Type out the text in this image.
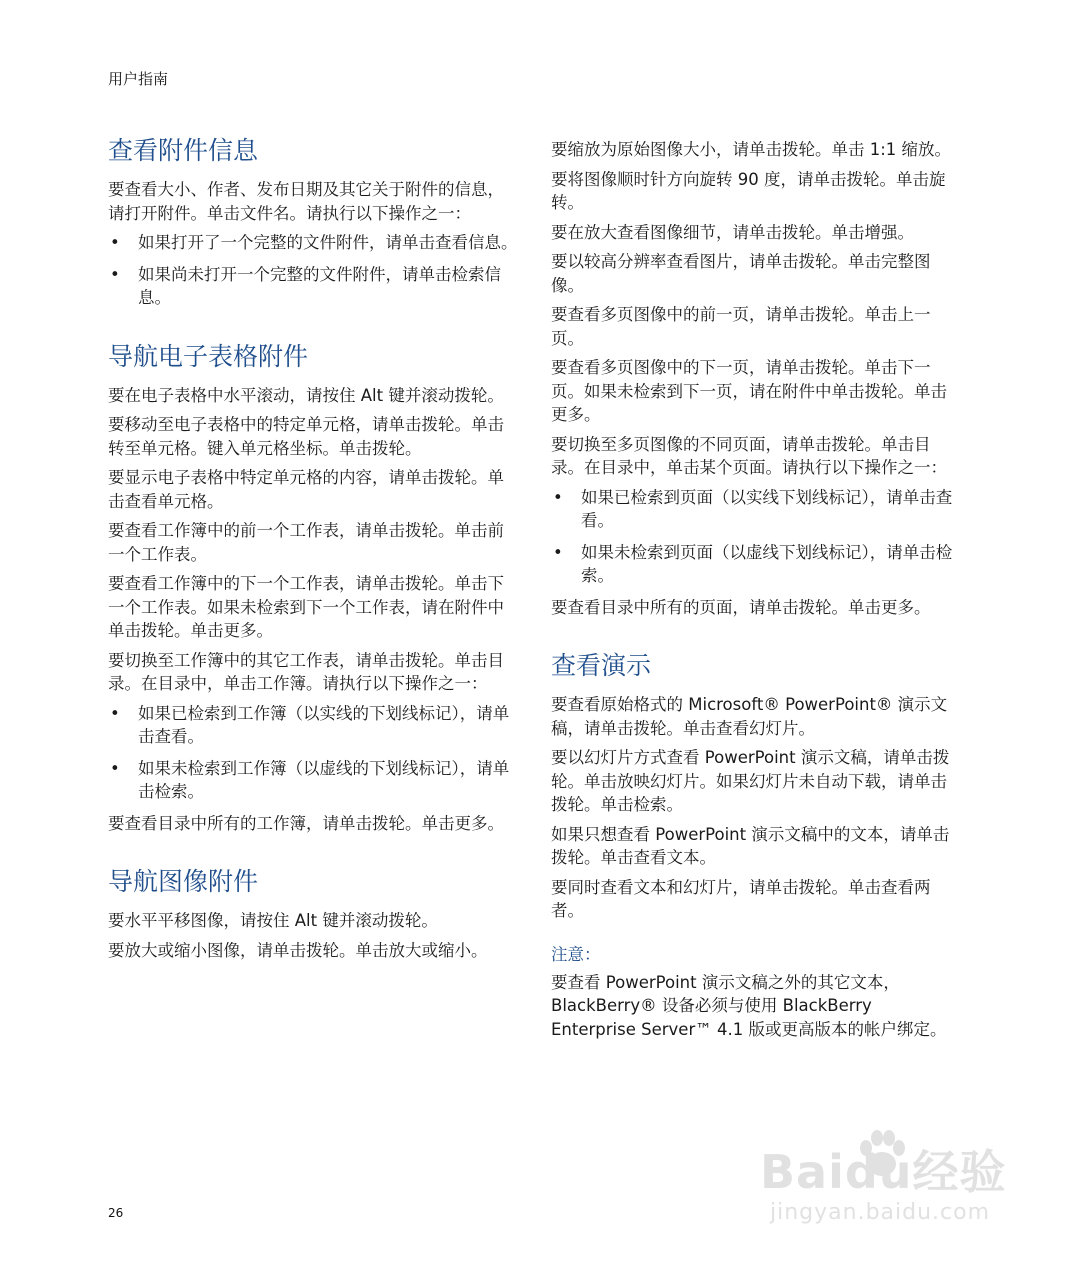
用户指南
查看附件信息

要查看大小、作者、发布日期及其它关于附件的信息，请打开附件。单击文件名。请执行以下操作之一：

• 如果打开了一个完整的文件附件，请单击查看信息。
• 如果尚未打开一个完整的文件附件，请单击检索信息。
导航电子表格附件

要在电子表格中水平滚动，请按住 Alt 键并滚动拨轮。

要移动至电子表格中的特定单元格，请单击拨轮。单击转至单元格。键入单元格坐标。单击拨轮。

要显示电子表格中特定单元格的内容，请单击拨轮。单击查看单元格。

要查看工作簿中的前一个工作表，请单击拨轮。单击前一个工作表。

要查看工作簿中的下一个工作表，请单击拨轮。单击下一个工作表。如果未检索到下一个工作表，请在附件中单击拨轮。单击更多。

要切换至工作簿中的其它工作表，请单击拨轮。单击目录。在目录中，单击工作簿。请执行以下操作之一：

• 如果已检索到工作簿（以实线的下划线标记），请单击查看。
• 如果未检索到工作簿（以虚线的下划线标记），请单击检索。

要查看目录中所有的工作簿，请单击拨轮。单击更多。

导航图像附件

要水平平移图像，请按住 Alt 键并滚动拨轮。

要放大或缩小图像，请单击拨轮。单击放大或缩小。

要缩放为原始图像大小，请单击拨轮。单击 1:1 缩放。

要将图像顺时针方向旋转 90 度，请单击拨轮。单击旋转。

要在放大查看图像细节，请单击拨轮。单击增强。

要以较高分辨率查看图片，请单击拨轮。单击完整图像。

要查看多页图像中的前一页，请单击拨轮。单击上一页。

要查看多页图像中的下一页，请单击拨轮。单击下一页。如果未检索到下一页，请在附件中单击拨轮。单击更多。

要切换至多页图像的不同页面，请单击拨轮。单击目录。在目录中，单击某个页面。请执行以下操作之一：

• 如果已检索到页面（以实线下划线标记），请单击查看。
• 如果未检索到页面（以虚线下划线标记），请单击检索。

要查看目录中所有的页面，请单击拨轮。单击更多。

查看演示

要查看原始格式的 Microsoft® PowerPoint® 演示文稿，请单击拨轮。单击查看幻灯片。

要以幻灯片方式查看 PowerPoint 演示文稿，请单击拨轮。单击放映幻灯片。如果幻灯片未自动下载，请单击拨轮。单击检索。

如果只想查看 PowerPoint 演示文稿中的文本，请单击拨轮。单击查看文本。

要同时查看文本和幻灯片，请单击拨轮。单击查看两者。

注意：

要查看 PowerPoint 演示文稿之外的其它文本，BlackBerry® 设备必须与使用 BlackBerry Enterprise Server™ 4.1 版或更高版本的帐户绑定。

26
Baidu经验
jingyan.baidu.com
